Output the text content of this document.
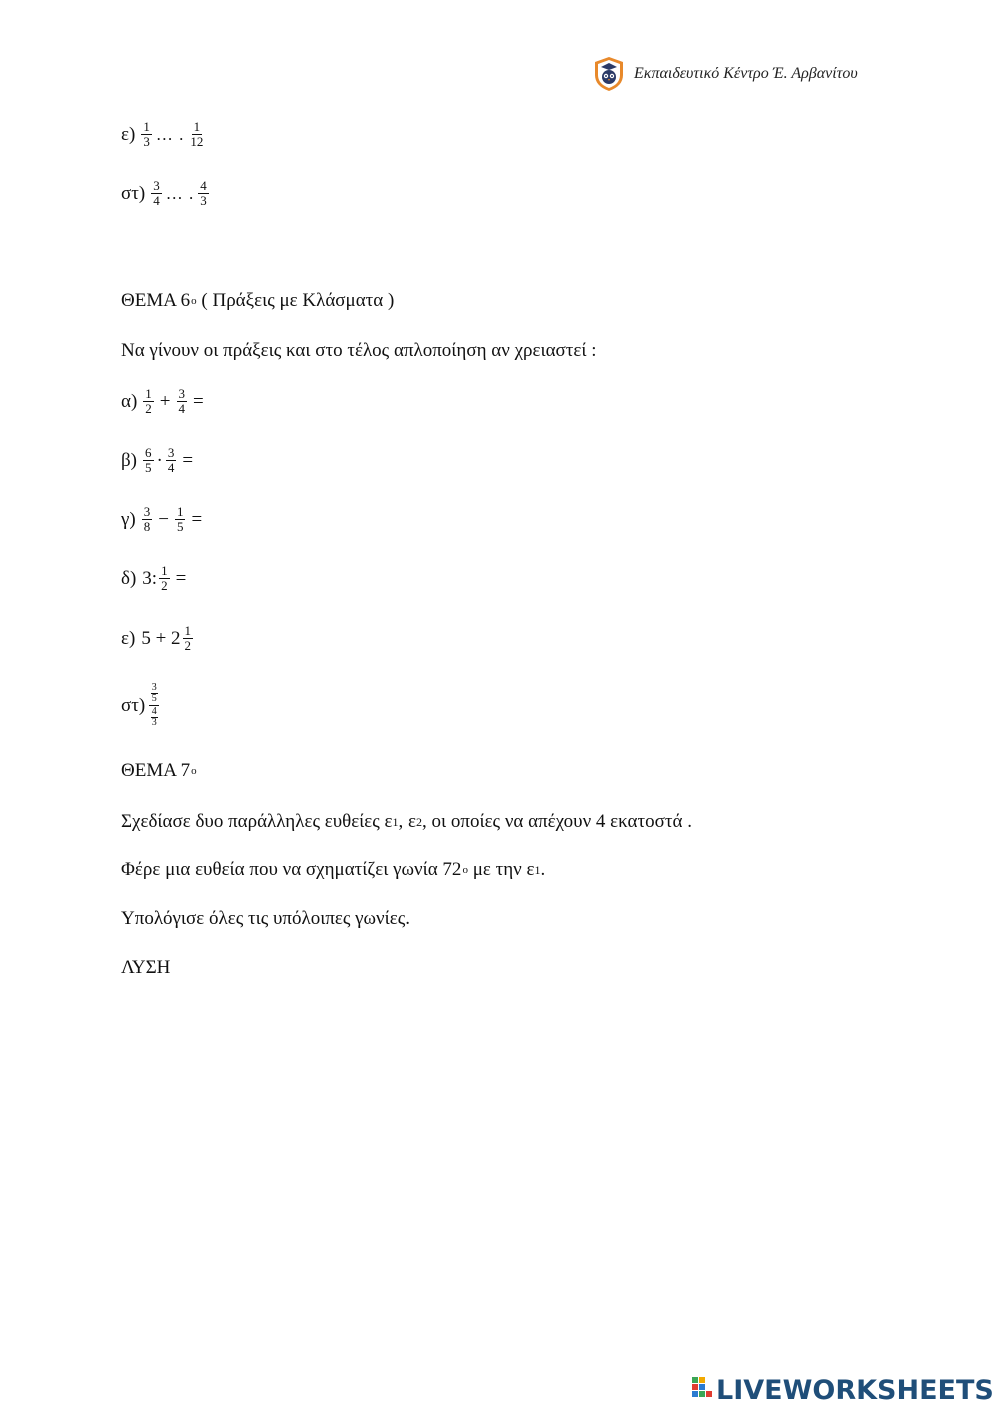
Εκπαιδευτικό Κέντρο Έ. Αρβανίτου
$\varepsilon) \frac{1}{3}$ … . $\frac{1}{12}$
$\sigma\tau) \frac{3}{4}$ … . $\frac{4}{3}$
ΘΕΜΑ 6 ο ( Πράξεις με Κλάσματα )
Να γίνουν οι πράξεις και στο τέλος απλοποίηση αν χρειαστεί :
$\alpha) \frac{1}{2} + \frac{3}{4}$ =
$\beta) \frac{6}{5} \cdot \frac{3}{4}$ =
$\gamma) \frac{3}{8} - \frac{1}{5}$ =
δ) 3: $\frac{1}{2}$ =
ε) $5 + 2 \frac{1}{2}$
στ)
3
5
4
3
ΘΕΜΑ 7 ο
Σχεδίασε δυο παράλληλες ευθείες ε 1 , ε 2 , οι οποίες να απέχουν 4 εκατοστά .
Φέρε μια ευθεία που να σχηματίζει γωνία 72 ο με την ε 1 .
Υπολόγισε όλες τις υπόλοιπες γωνίες.
ΛΥΣΗ
LIVEWORKSHEETS
